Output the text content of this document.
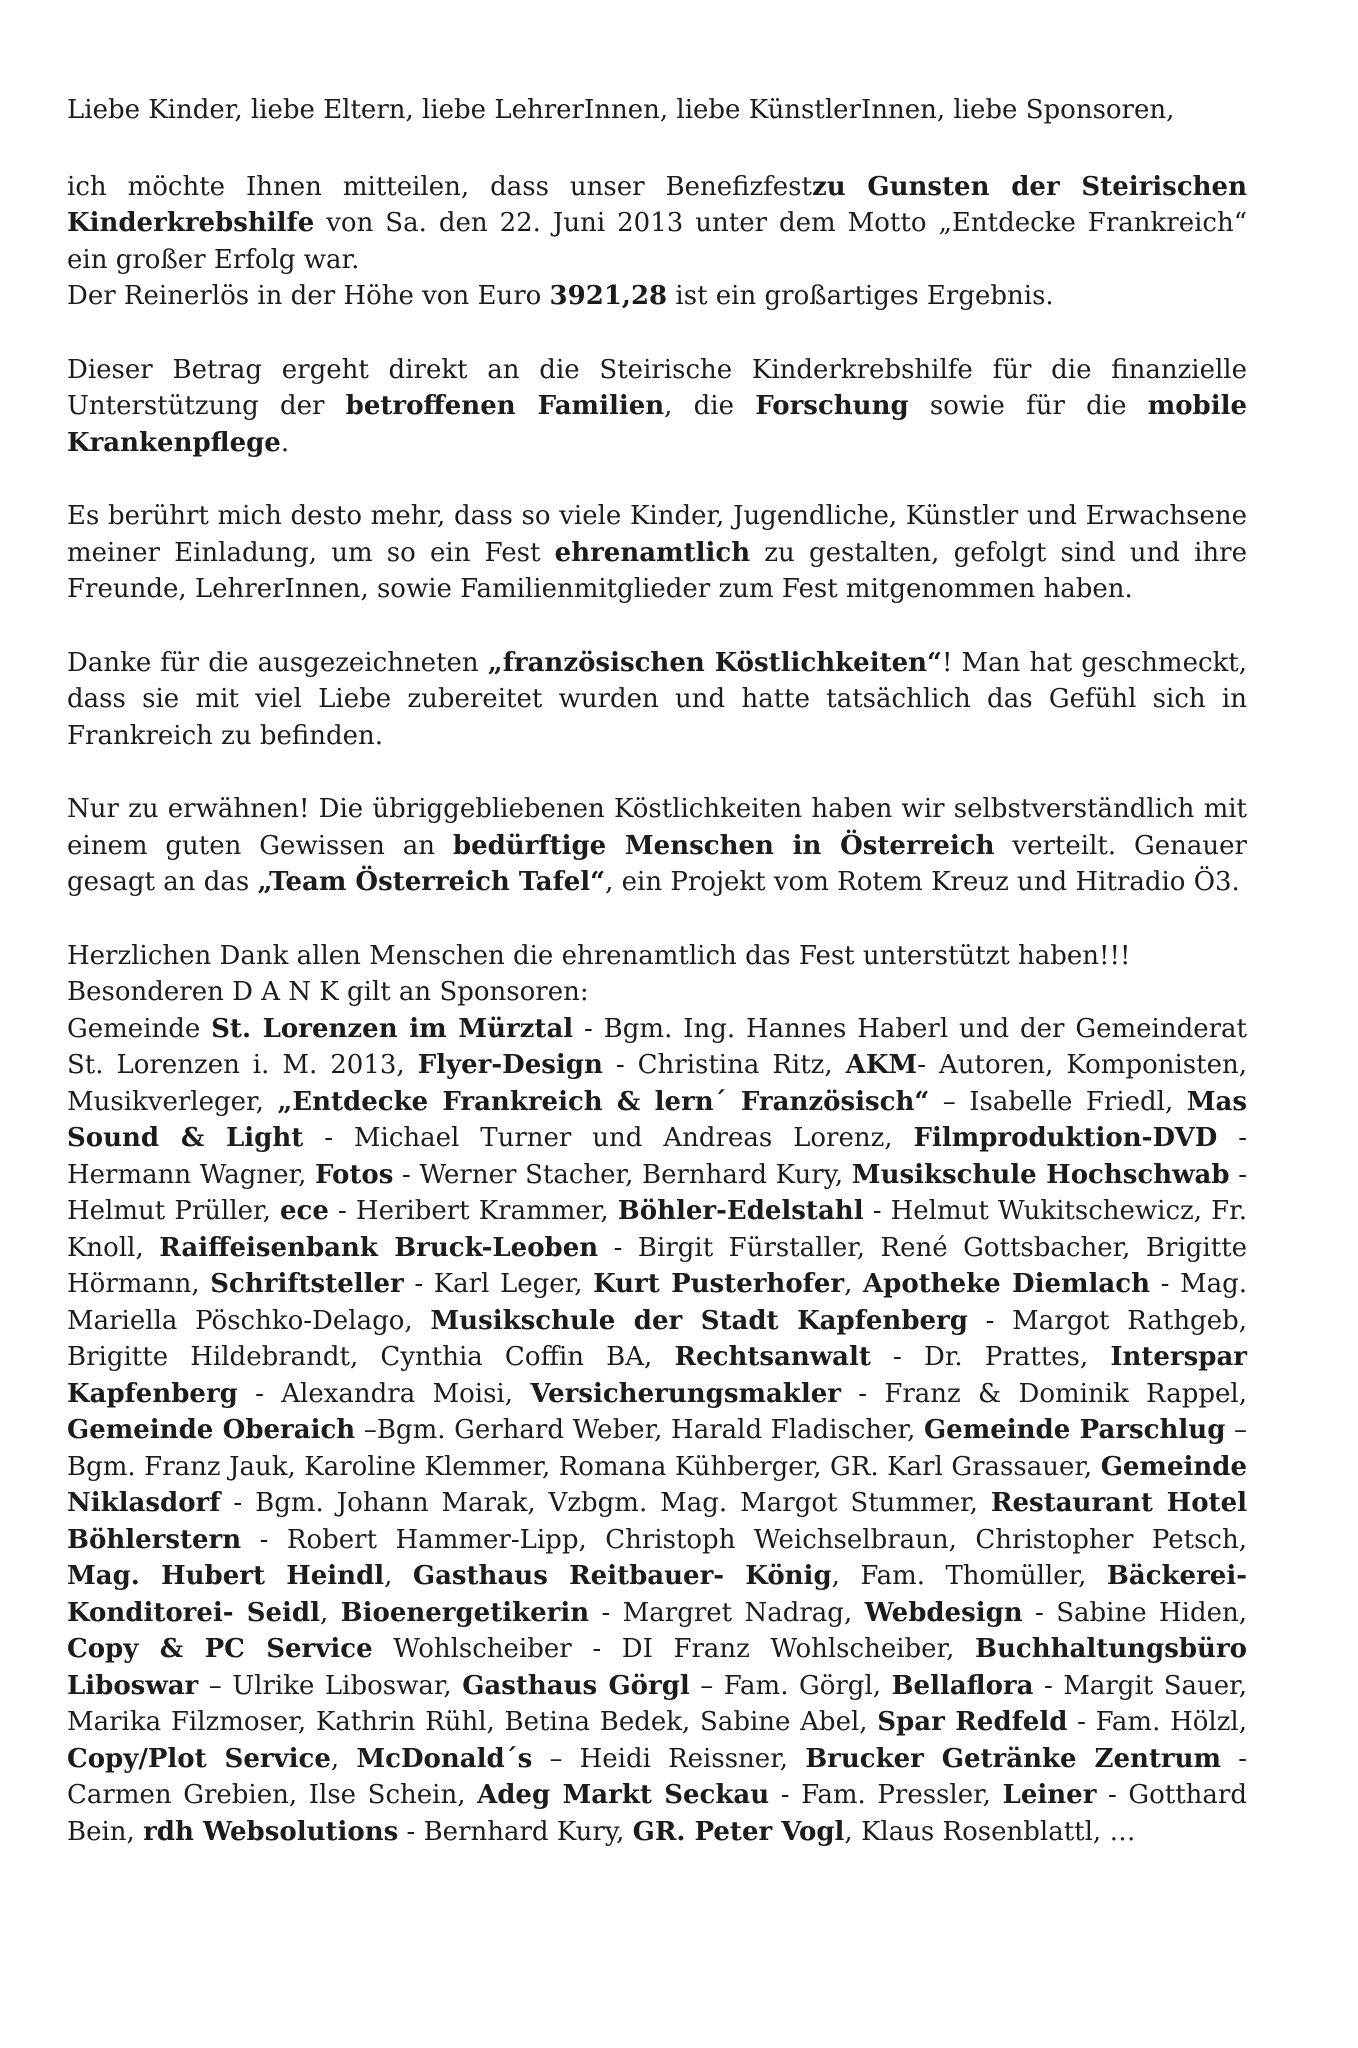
Liebe Kinder, liebe Eltern, liebe LehrerInnen, liebe KünstlerInnen, liebe Sponsoren,

ich möchte Ihnen mitteilen, dass unser Benefizfestzu Gunsten der Steirischen Kinderkrebshilfe von Sa. den 22. Juni 2013 unter dem Motto „Entdecke Frankreich“ ein großer Erfolg war.

Der Reinerlös in der Höhe von Euro 3921,28 ist ein großartiges Ergebnis.

Dieser Betrag ergeht direkt an die Steirische Kinderkrebshilfe für die finanzielle Unterstützung der betroffenen Familien, die Forschung sowie für die mobile Krankenpflege.

Es berührt mich desto mehr, dass so viele Kinder, Jugendliche, Künstler und Erwachsene meiner Einladung, um so ein Fest ehrenamtlich zu gestalten, gefolgt sind und ihre Freunde, LehrerInnen, sowie Familienmitglieder zum Fest mitgenommen haben.

Danke für die ausgezeichneten „französischen Köstlichkeiten“! Man hat geschmeckt, dass sie mit viel Liebe zubereitet wurden und hatte tatsächlich das Gefühl sich in Frankreich zu befinden.

Nur zu erwähnen! Die übriggebliebenen Köstlichkeiten haben wir selbstverständlich mit einem guten Gewissen an bedürftige Menschen in Österreich verteilt. Genauer gesagt an das „Team Österreich Tafel“, ein Projekt vom Rotem Kreuz und Hitradio Ö3.

Herzlichen Dank allen Menschen die ehrenamtlich das Fest unterstützt haben!!!

Besonderen D A N K gilt an Sponsoren:

Gemeinde St. Lorenzen im Mürztal - Bgm. Ing. Hannes Haberl und der Gemeinderat St. Lorenzen i. M. 2013, Flyer-Design - Christina Ritz, AKM- Autoren, Komponisten, Musikverleger, „Entdecke Frankreich & lern´ Französisch“ – Isabelle Friedl, Mas Sound & Light - Michael Turner und Andreas Lorenz, Filmproduktion-DVD - Hermann Wagner, Fotos - Werner Stacher, Bernhard Kury, Musikschule Hochschwab - Helmut Prüller, ece - Heribert Krammer, Böhler-Edelstahl - Helmut Wukitschewicz, Fr. Knoll, Raiffeisenbank Bruck-Leoben - Birgit Fürstaller, René Gottsbacher, Brigitte Hörmann, Schriftsteller - Karl Leger, Kurt Pusterhofer, Apotheke Diemlach - Mag. Mariella Pöschko-Delago, Musikschule der Stadt Kapfenberg - Margot Rathgeb, Brigitte Hildebrandt, Cynthia Coffin BA, Rechtsanwalt - Dr. Prattes, Interspar Kapfenberg - Alexandra Moisi, Versicherungsmakler - Franz & Dominik Rappel, Gemeinde Oberaich –Bgm. Gerhard Weber, Harald Fladischer, Gemeinde Parschlug – Bgm. Franz Jauk, Karoline Klemmer, Romana Kühberger, GR. Karl Grassauer, Gemeinde Niklasdorf - Bgm. Johann Marak, Vzbgm. Mag. Margot Stummer, Restaurant Hotel Böhlerstern - Robert Hammer-Lipp, Christoph Weichselbraun, Christopher Petsch, Mag. Hubert Heindl, Gasthaus Reitbauer- König, Fam. Thomüller, Bäckerei- Konditorei- Seidl, Bioenergetikerin - Margret Nadrag, Webdesign - Sabine Hiden, Copy & PC Service Wohlscheiber - DI Franz Wohlscheiber, Buchhaltungsbüro Liboswar – Ulrike Liboswar, Gasthaus Görgl – Fam. Görgl, Bellaflora - Margit Sauer, Marika Filzmoser, Kathrin Rühl, Betina Bedek, Sabine Abel, Spar Redfeld - Fam. Hölzl, Copy/Plot Service, McDonald´s – Heidi Reissner, Brucker Getränke Zentrum - Carmen Grebien, Ilse Schein, Adeg Markt Seckau - Fam. Pressler, Leiner - Gotthard Bein, rdh Websolutions - Bernhard Kury, GR. Peter Vogl, Klaus Rosenblattl, …
